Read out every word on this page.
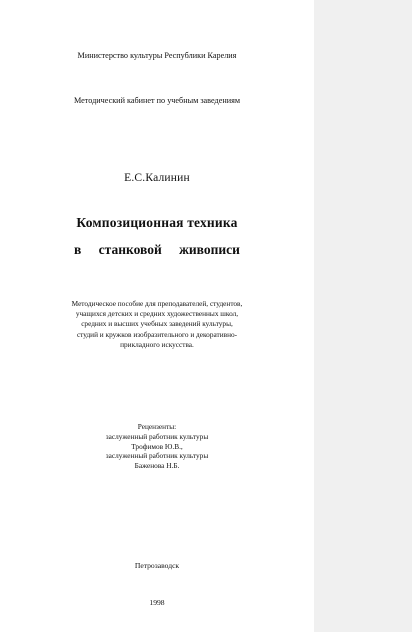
Министерство культуры Республики Карелия
Методический кабинет по учебным заведениям
Е.С.Калинин
Композиционная техника
в станковой живописи
Методическое пособие для преподавателей, студентов,
учащихся детских и средних художественных школ,
средних и высших учебных заведений культуры,
студий и кружков изобразительного и декоративно-
прикладного искусства.
Рецензенты:
заслуженный работник культуры
Трофимов Ю.В.,
заслуженный работник культуры
Баженова Н.Б.
Петрозаводск
1998
